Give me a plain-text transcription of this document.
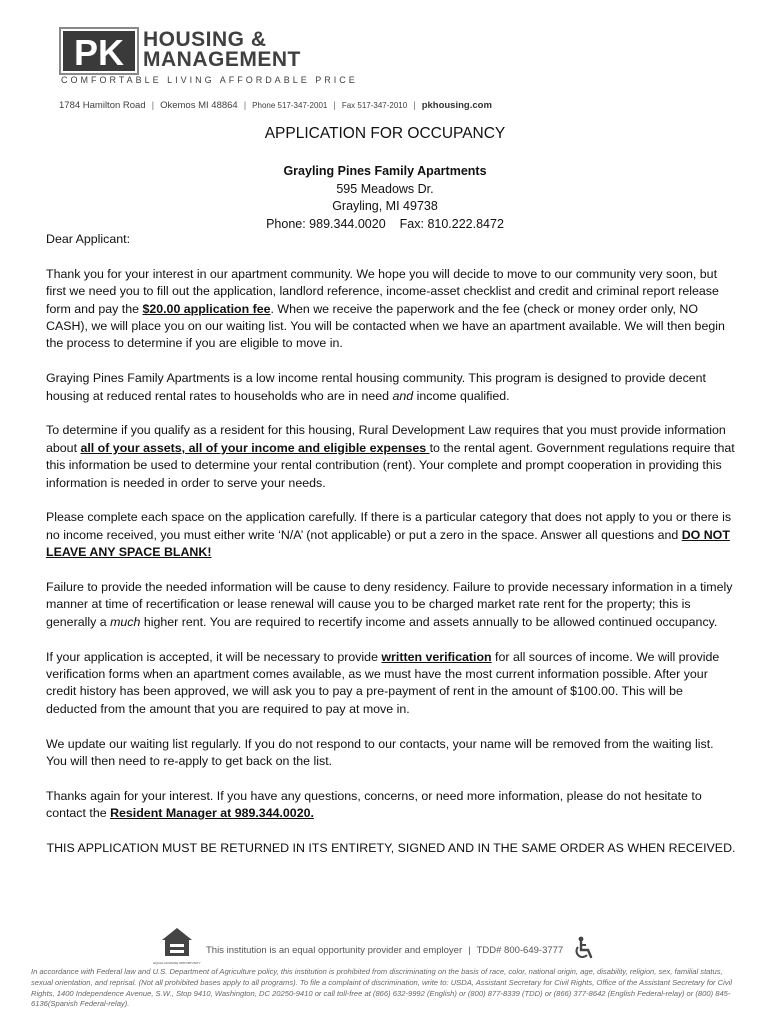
PK HOUSING &
MANAGEMENT
COMFORTABLE LIVING AFFORDABLE PRICE
1784 Hamilton Road | Okemos MI 48864 | Phone 517-347-2001 | Fax 517-347-2010 | pkhousing.com
APPLICATION FOR OCCUPANCY
Grayling Pines Family Apartments
595 Meadows Dr.
Grayling, MI 49738
Phone: 989.344.0020 Fax: 810.222.8472

Dear Applicant:

Thank you for your interest in our apartment community. We hope you will decide to move to our community very soon, but first we need you to fill out the application, landlord reference, income-asset checklist and credit and criminal report release form and pay the $20.00 application fee. When we receive the paperwork and the fee (check or money order only, NO CASH), we will place you on our waiting list. You will be contacted when we have an apartment available. We will then begin the process to determine if you are eligible to move in.

Graying Pines Family Apartments is a low income rental housing community. This program is designed to provide decent housing at reduced rental rates to households who are in need and income qualified.

To determine if you qualify as a resident for this housing, Rural Development Law requires that you must provide information about all of your assets, all of your income and eligible expenses to the rental agent. Government regulations require that this information be used to determine your rental contribution (rent). Your complete and prompt cooperation in providing this information is needed in order to serve your needs.

Please complete each space on the application carefully. If there is a particular category that does not apply to you or there is no income received, you must either write ‘N/A’ (not applicable) or put a zero in the space. Answer all questions and DO NOT LEAVE ANY SPACE BLANK!

Failure to provide the needed information will be cause to deny residency. Failure to provide necessary information in a timely manner at time of recertification or lease renewal will cause you to be charged market rate rent for the property; this is generally a much higher rent. You are required to recertify income and assets annually to be allowed continued occupancy.

If your application is accepted, it will be necessary to provide written verification for all sources of income. We will provide verification forms when an apartment comes available, as we must have the most current information possible. After your credit history has been approved, we will ask you to pay a pre-payment of rent in the amount of $100.00. This will be deducted from the amount that you are required to pay at move in.

We update our waiting list regularly. If you do not respond to our contacts, your name will be removed from the waiting list. You will then need to re-apply to get back on the list.

Thanks again for your interest. If you have any questions, concerns, or need more information, please do not hesitate to contact the Resident Manager at 989.344.0020.

THIS APPLICATION MUST BE RETURNED IN ITS ENTIRETY, SIGNED AND IN THE SAME ORDER AS WHEN RECEIVED.

EQUAL HOUSING OPPORTUNITY
This institution is an equal opportunity provider and employer | TDD# 800-649-3777
In accordance with Federal law and U.S. Department of Agriculture policy, this institution is prohibited from discriminating on the basis of race, color, national origin, age, disability, religion, sex, familial status, sexual orientation, and reprisal. (Not all prohibited bases apply to all programs). To file a complaint of discrimination, write to: USDA, Assistant Secretary for Civil Rights, Office of the Assistant Secretary for Civil Rights, 1400 Independence Avenue, S.W., Stop 9410, Washington, DC 20250-9410 or call toll-free at (866) 632-9992 (English) or (800) 877-8339 (TDD) or (866) 377-8642 (English Federal-relay) or (800) 845-6136(Spanish Federal-relay).
